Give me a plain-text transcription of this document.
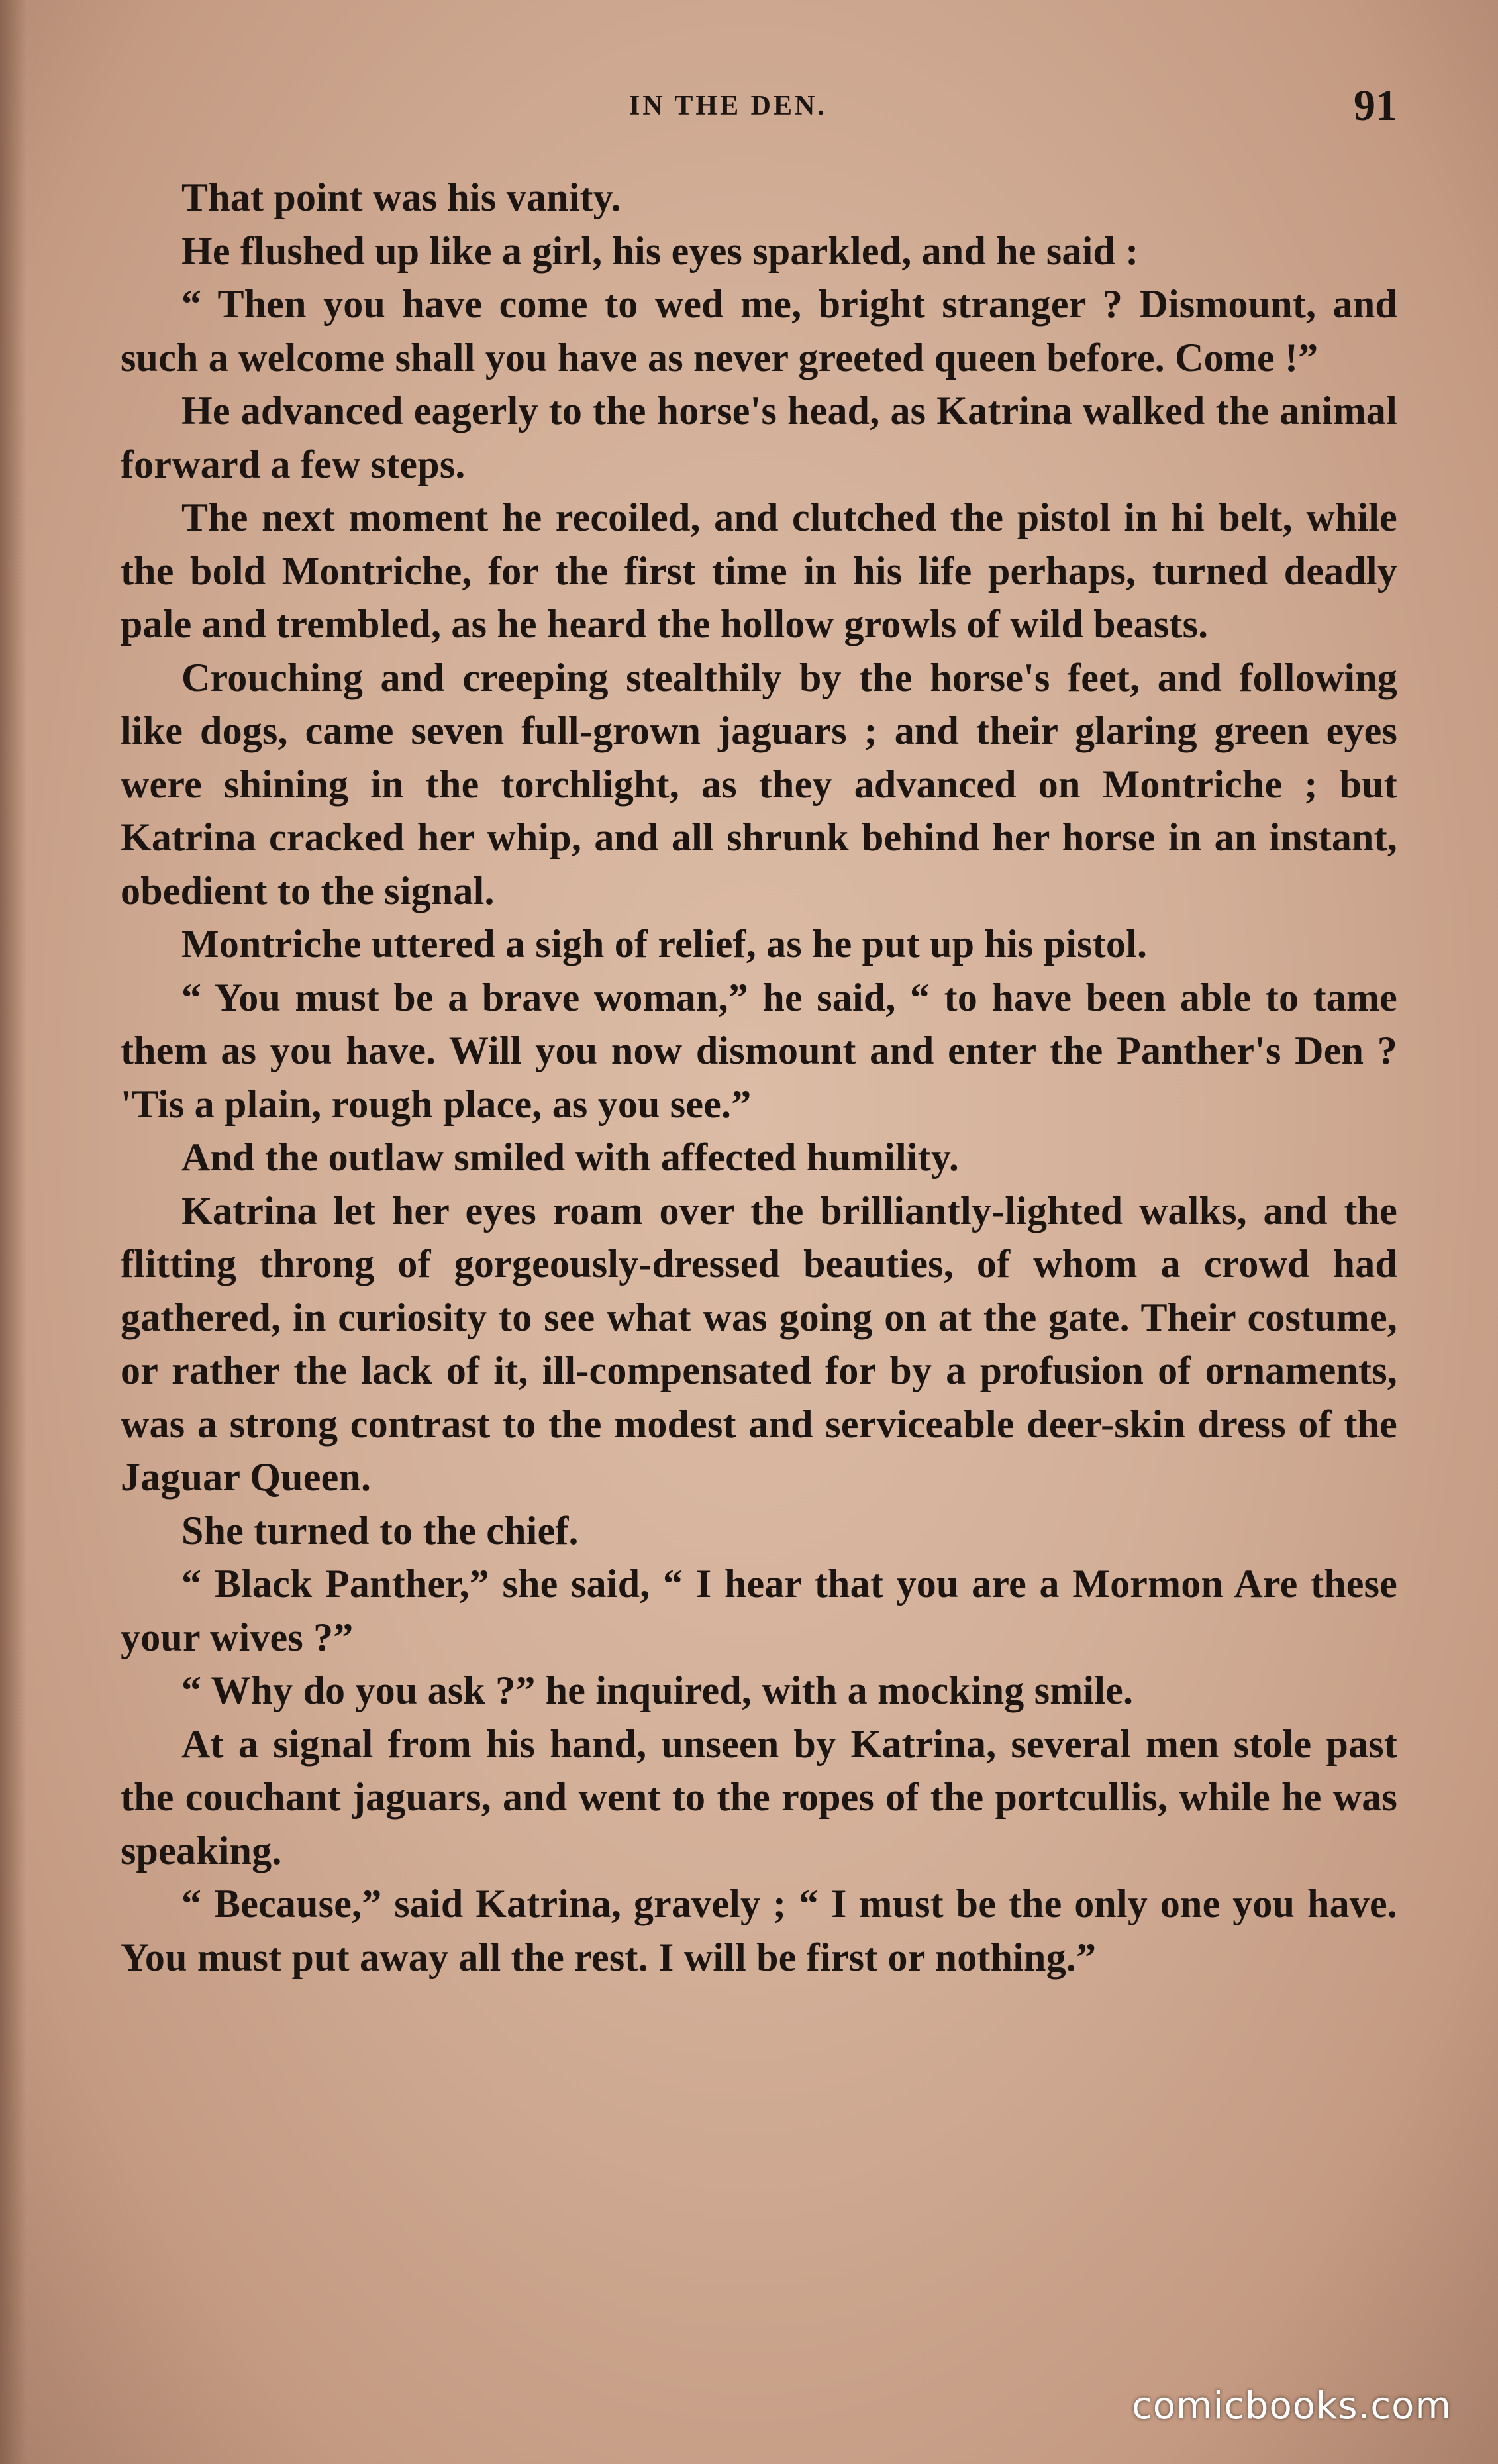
IN THE DEN.	91

That point was his vanity.

He flushed up like a girl, his eyes sparkled, and he said :

“ Then you have come to wed me, bright stranger ? Dismount, and such a welcome shall you have as never greeted queen before. Come !”

He advanced eagerly to the horse's head, as Katrina walked the animal forward a few steps.

The next moment he recoiled, and clutched the pistol in hi belt, while the bold Montriche, for the first time in his life perhaps, turned deadly pale and trembled, as he heard the hollow growls of wild beasts.

Crouching and creeping stealthily by the horse's feet, and following like dogs, came seven full-grown jaguars ; and their glaring green eyes were shining in the torchlight, as they advanced on Montriche ; but Katrina cracked her whip, and all shrunk behind her horse in an instant, obedient to the signal.

Montriche uttered a sigh of relief, as he put up his pistol.

“ You must be a brave woman,” he said, “ to have been able to tame them as you have. Will you now dismount and enter the Panther's Den ? 'Tis a plain, rough place, as you see.”

And the outlaw smiled with affected humility.

Katrina let her eyes roam over the brilliantly-lighted walks, and the flitting throng of gorgeously-dressed beauties, of whom a crowd had gathered, in curiosity to see what was going on at the gate. Their costume, or rather the lack of it, ill-compensated for by a profusion of ornaments, was a strong contrast to the modest and serviceable deer-skin dress of the Jaguar Queen.

She turned to the chief.

“ Black Panther,” she said, “ I hear that you are a Mormon Are these your wives ?”

“ Why do you ask ?” he inquired, with a mocking smile.

At a signal from his hand, unseen by Katrina, several men stole past the couchant jaguars, and went to the ropes of the portcullis, while he was speaking.

“ Because,” said Katrina, gravely ; “ I must be the only one you have. You must put away all the rest. I will be first or nothing.”

comicbooks.com
